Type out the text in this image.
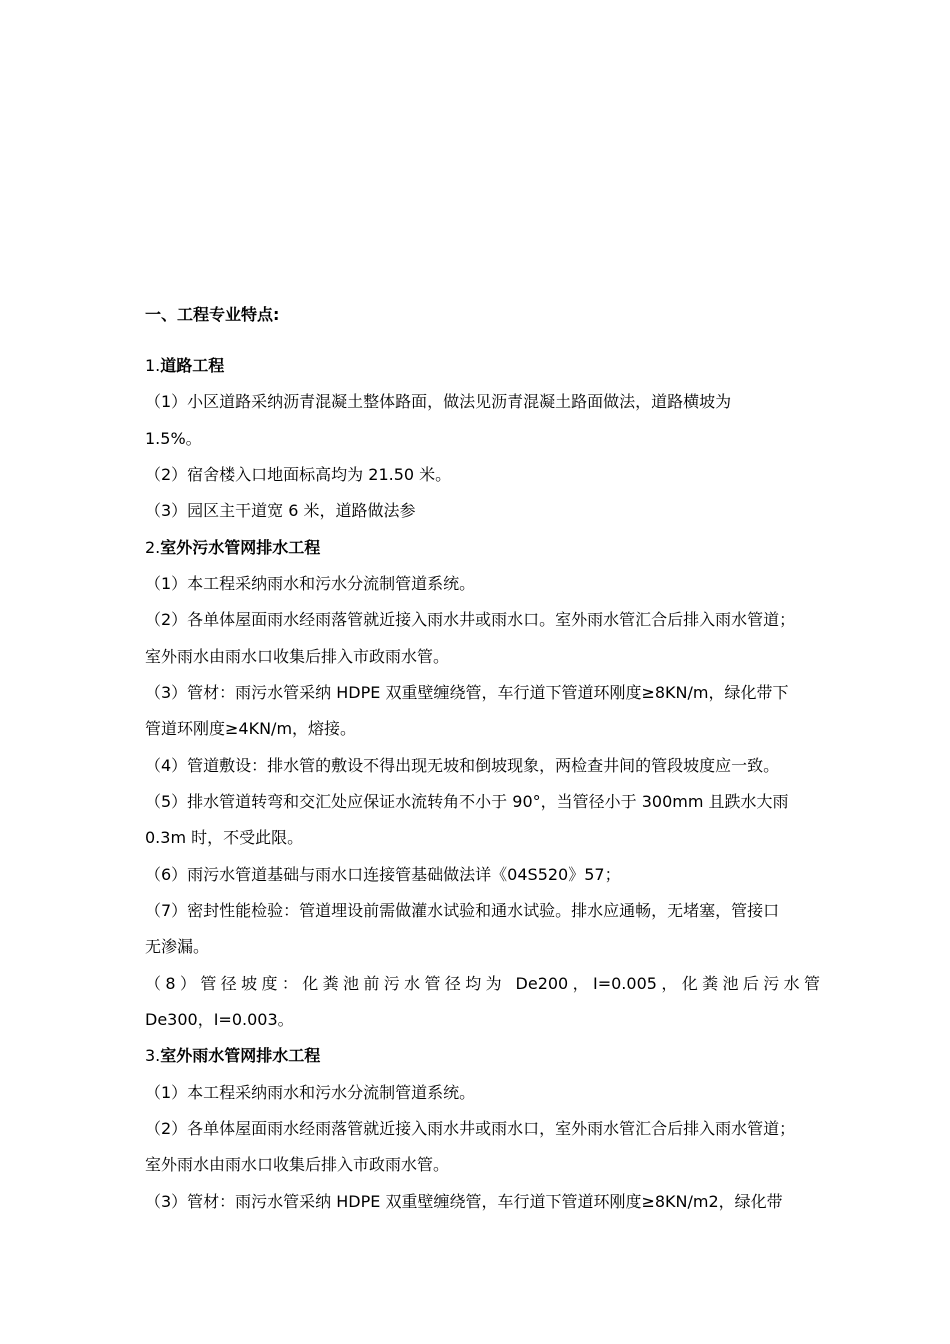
一、工程专业特点:
1.道路工程
（1）小区道路采纳沥青混凝土整体路面，做法见沥青混凝土路面做法，道路横坡为
1.5%。
（2）宿舍楼入口地面标高均为 21.50 米。
（3）园区主干道宽 6 米，道路做法参
2.室外污水管网排水工程
（1）本工程采纳雨水和污水分流制管道系统。
（2）各单体屋面雨水经雨落管就近接入雨水井或雨水口。室外雨水管汇合后排入雨水管道；
室外雨水由雨水口收集后排入市政雨水管。
（3）管材：雨污水管采纳 HDPE 双重壁缠绕管，车行道下管道环刚度≥8KN/m，绿化带下
管道环刚度≥4KN/m，熔接。
（4）管道敷设：排水管的敷设不得出现无坡和倒坡现象，两检查井间的管段坡度应一致。
（5）排水管道转弯和交汇处应保证水流转角不小于 90°，当管径小于 300mm 且跌水大雨
0.3m 时，不受此限。
（6）雨污水管道基础与雨水口连接管基础做法详《04S520》57；
（7）密封性能检验：管道埋设前需做灌水试验和通水试验。排水应通畅，无堵塞，管接口
无渗漏。
（8）管径坡度：化粪池前污水管径均为 De200，I=0.005，化粪池后污水管
De300，I=0.003。
3.室外雨水管网排水工程
（1）本工程采纳雨水和污水分流制管道系统。
（2）各单体屋面雨水经雨落管就近接入雨水井或雨水口，室外雨水管汇合后排入雨水管道；
室外雨水由雨水口收集后排入市政雨水管。
（3）管材：雨污水管采纳 HDPE 双重壁缠绕管，车行道下管道环刚度≥8KN/m2，绿化带
